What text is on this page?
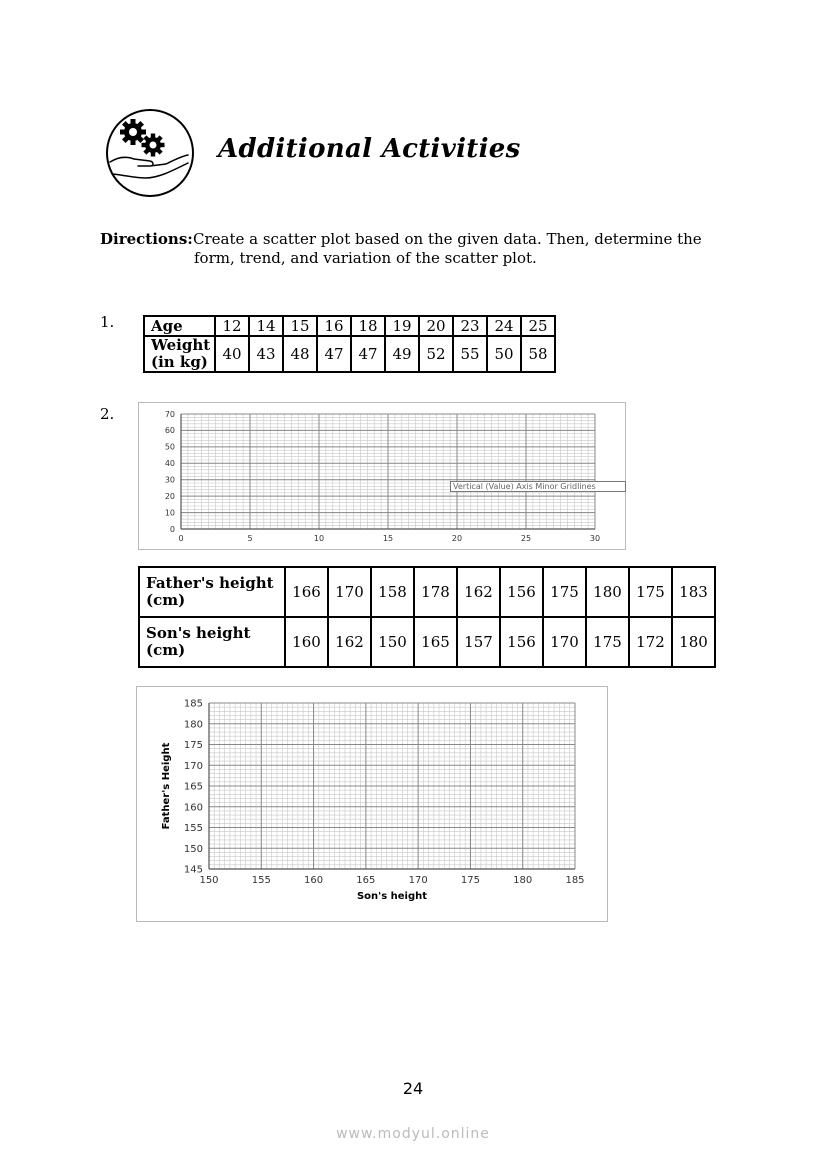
Additional Activities
Directions:Create a scatter plot based on the given data. Then, determine the
form, trend, and variation of the scatter plot.
1.
2.
Age	12	14	15	16	18	19	20	23	24	25
Weight (in kg)	40	43	48	47	47	49	52	55	50	58
0	5	10	15	20	25	30
0
10
20
30
40
50
60
70
Vertical (Value) Axis Minor Gridlines
Father's height (cm)	166	170	158	178	162	156	175	180	175	183
Son's height (cm)	160	162	150	165	157	156	170	175	172	180
150	155	160	165	170	175	180	185
145
150
155
160
165
170
175
180
185
Son's height
Father's Height
24
www.modyul.online
